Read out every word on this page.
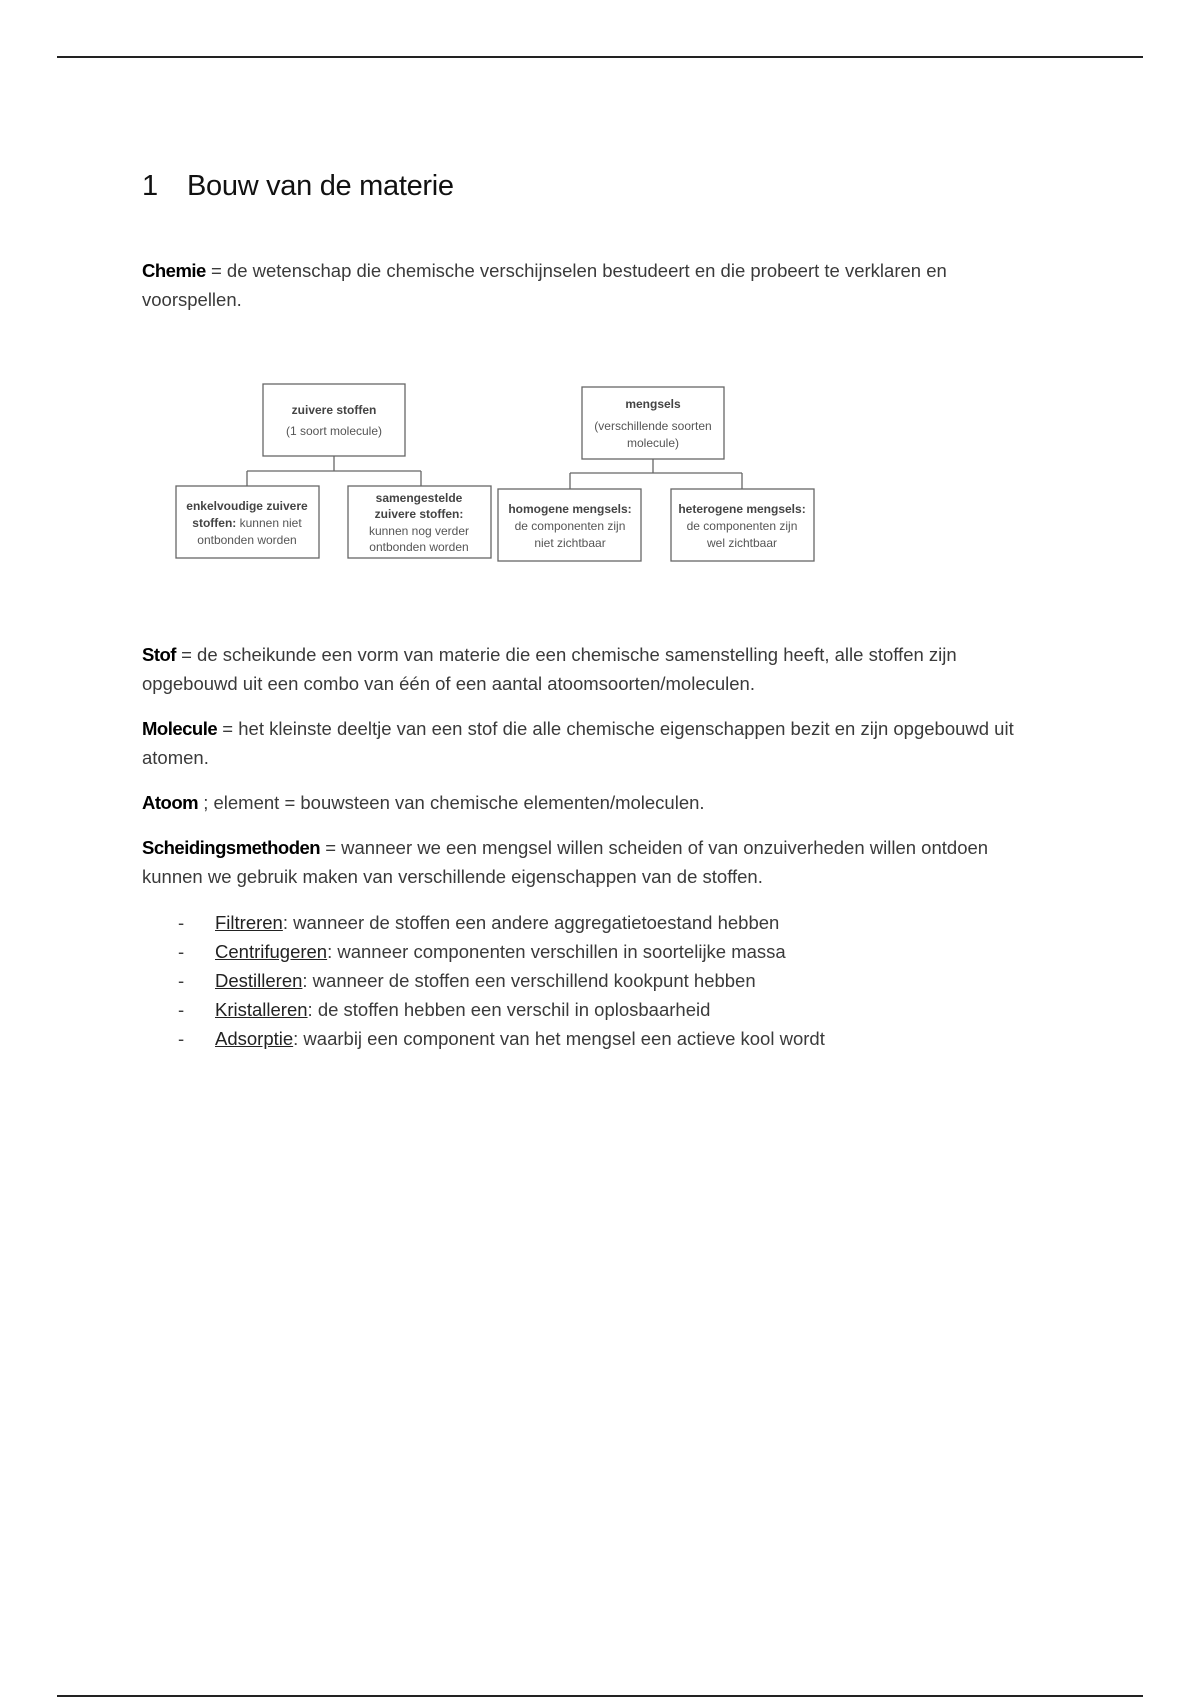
1 Bouw van de materie

Chemie = de wetenschap die chemische verschijnselen bestudeert en die probeert te verklaren en voorspellen.

zuivere stoffen
(1 soort molecule)
mengsels
(verschillende soorten
molecule)
enkelvoudige zuivere
stoffen: kunnen niet
ontbonden worden
samengestelde
zuivere stoffen:
kunnen nog verder
ontbonden worden
homogene mengsels:
de componenten zijn
niet zichtbaar
heterogene mengsels:
de componenten zijn
wel zichtbaar

Stof = de scheikunde een vorm van materie die een chemische samenstelling heeft, alle stoffen zijn opgebouwd uit een combo van één of een aantal atoomsoorten/moleculen.

Molecule = het kleinste deeltje van een stof die alle chemische eigenschappen bezit en zijn opgebouwd uit atomen.

Atoom ; element = bouwsteen van chemische elementen/moleculen.

Scheidingsmethoden = wanneer we een mengsel willen scheiden of van onzuiverheden willen ontdoen kunnen we gebruik maken van verschillende eigenschappen van de stoffen.

- Filtreren: wanneer de stoffen een andere aggregatietoestand hebben
- Centrifugeren: wanneer componenten verschillen in soortelijke massa
- Destilleren: wanneer de stoffen een verschillend kookpunt hebben
- Kristalleren: de stoffen hebben een verschil in oplosbaarheid
- Adsorptie: waarbij een component van het mengsel een actieve kool wordt
